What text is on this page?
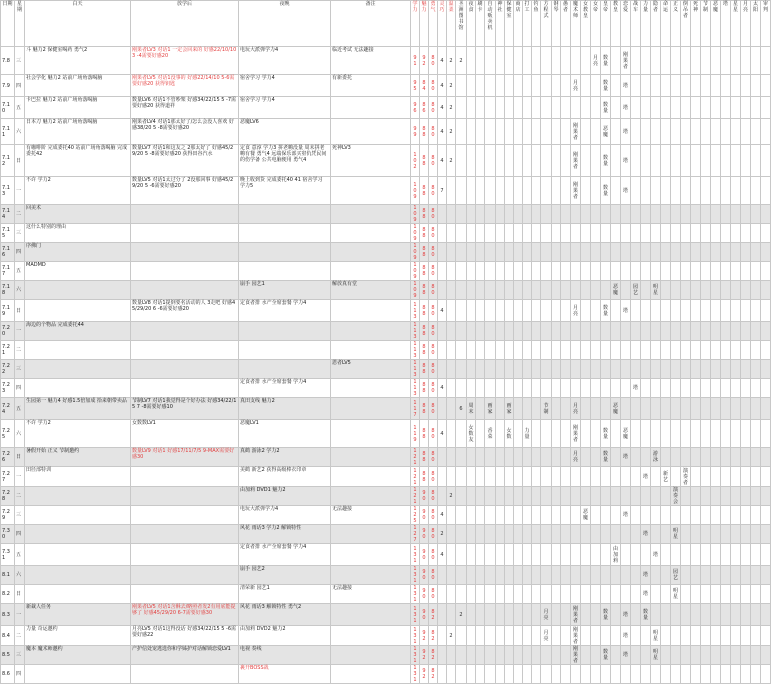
日期	星期	白天	放学后	夜晚	备注	学力	魅力	勇气	灵巧	温柔	圣洲图书馆	夜食	刷卡	自动贩卖机	神社	保健室	商店	打工	钓鱼	方程式	钢琴	愚者	魔术师	女教皇	女帝	皇帝	教皇	恋爱	战车	力量	隐者	命运	正义	倒吊者	死神	节制	恶魔	塔	星星	月亮	太阳	审判
7.8	三	斗 魅力2 保健室喝药 勇气2	刚果者LV3 对话1 一定会回来的 好感22/10/10 3 -4需要好感20	电玩大派弹学力4	临近考试 无法趣接	91	92	80	4	2	2														月亮	数量		刚果者														
7.9	四	社会学化 魅力2 站前广场角落喝脑	刚果者LV5 对话1没事的 好感22/14/10 5-6需要好感20 获得钥匙	宿舍学习 学力4	有新委托	95	84	80	4	2													月亮			数量		塔														
7.10	五	卡巴拉 魅力2 站前广场角落喝脑	数量LV6 对话1不管吵架 好感34/22/15 5 -7需要好感20 获得道祥	宿舍学习 学力4		96	86	80	4	2																数量		塔														
7.11	六	日本刀 魅力2 站前广场角落喝脑	刚果者LV4 对话1那太好了/怎么会没人喜欢 好感38/20 5 -8需要好感20	恶魔LV6		99	88	80	4	2													刚果者			恶魔		塔														
7.12	日	有咖啡阶 完成委托40 站前广场角落喝脑 完成委托42	数量LV7 对话1和这友之 2那太好了 好感45/29/20 5 -8需要好感20 获得田谷汽水	定食 意淳 学力3 拼老嗨没量 周末拼老嗨有餐 勇气4 远端保乐部买窒仇凭民间的伤学备 公共电脑便用 勇气4	死神LV3	102	88	80	4	2													刚果者			数量		塔														
7.13	一	不许 学力2	数量LV5 对话1太过分了 2没那回事 好感45/29/20 5 -6需要好感20	晚上收到货 完成委托40 41 宿舍学习 学力5		109	88	80	7														刚果者			数量		塔														
7.14	二	回美术				109	88	80																																		
7.15	三	这什么特别的理由				109	88	80																																		
7.16	四	序佛门				109	88	80																																		
7.17	五	MADMD				109	88	80																																		
7.18	六			崩手 园艺1	解放真有堂	109	88	80																			恶魔		园艺		明星											
7.19	日		数量LV8 对话1提倒要名活动的人 3走吧 好感45/29/20 6 -6需要好感20	定食者排 水产全席套餐 学力4		113	88	80	4														月亮			数量		塔														
7.20	一	海边的个物品 完成委托44				113	88	80																																		
7.21	二					113	88	80																																		
7.22	三				恩者LV5	113	88	80																																		
7.23	四			定食者排 水产全席套餐 学力4		113	88	80	4																				塔													
7.24	五	生园第一 魅力4 好感1.5倍加成 拾来朝带卖品	节制LV7 对话1我觉得是个好办法 好感34/22/15 7 -8需要好感10	真田支线 魅力2		117	88	80			6	周末		画家		画家				节制			月亮				恶魔															
7.25	六	不许 学力2	女数数LV1	恶魔LV1		119	88	80	4			女数友		香菜		女数		力量					刚果者			数量		恶魔														
7.26	日	暑假开始 正义 节制邀约	数量LV9 对话1 好感17/11/7/5 9-MAX需要好感30	真鹤 游泳2 学力2		121	88	80															月亮			数量		塔			游泳											
7.27	一	田径部特训		美鹤 新艺2 获得高级棒衣印章		121	88	80																						塔		新艺		演奏者								
7.28	二			由加莉 DVD1 魅力2		121	90	80		2																							演奏会									
7.29	三			电玩大派弹学力4	无法趣接	125	90	80	4															恶魔				塔														
7.30	四			风花 雨话3 学力2 解锁特性		127	90	80	2																					塔			明星									
7.31	五			定食者排 水产全席套餐 学力4		131	90	80	4																		由加莉				塔											
8.1	六			崩手 园艺2		131	90	80																						塔			园艺									
8.2	日			清荣新 园艺1	无法趣接	131	90	80																						塔			明星									
8.3	一	新裁人任务	刚果者LV5 对话1含酥去/略照者发2有用底能提够了 好感45/29/20 6-7需要好感30	风花 雨话3 解锁特性 勇气2		131	90	82			2									月亮			刚果者			数量		塔		数量												
8.4	二	力量 奇运邀约	月亮LV5 对话1这得没话 好感34/22/15 5 -6需要好感22	由加莉 DVD2 魅力2		131	92	82		2										月亮			刚果者					塔			明星											
8.5	三	魔本 魔术师邀约	产护信处宠逃选你和学姊护对话解锁恋爱LV1	电视 奏线		131	92	82															刚果者			数量		塔			明星											
8.6	四			裹开BOSS战		131	92	82																																		
